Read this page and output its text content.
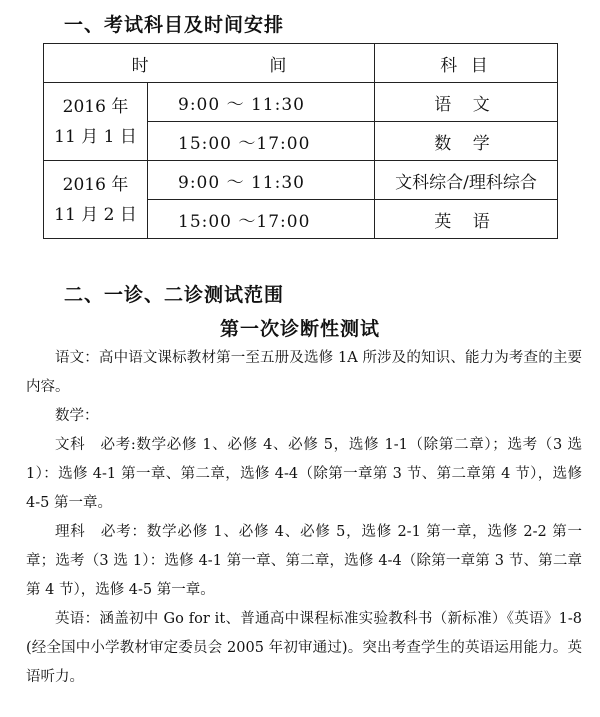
一、考试科目及时间安排
时 间		科 目

2016 年
11 月 1 日	9:00 ～ 11:30	语 文
	15:00 ～17:00	数 学

2016 年
11 月 2 日	9:00 ～ 11:30	文科综合/理科综合
	15:00 ～17:00	英 语
二、一诊、二诊测试范围
第一次诊断性测试

语文：高中语文课标教材第一至五册及选修 1A 所涉及的知识、能力为考查的主要内容。

数学：

文科　必考:数学必修 1、必修 4、必修 5，选修 1-1（除第二章）；选考（3 选 1）：选修 4-1 第一章、第二章，选修 4-4（除第一章第 3 节、第二章第 4 节），选修 4-5 第一章。

理科　必考：数学必修 1、必修 4、必修 5，选修 2-1 第一章，选修 2-2 第一章；选考（3 选 1）：选修 4-1 第一章、第二章，选修 4-4（除第一章第 3 节、第二章第 4 节），选修 4-5 第一章。

英语：涵盖初中 Go for it、普通高中课程标准实验教科书（新标准）《英语》1-8 (经全国中小学教材审定委员会 2005 年初审通过)。突出考查学生的英语运用能力。英语听力。
